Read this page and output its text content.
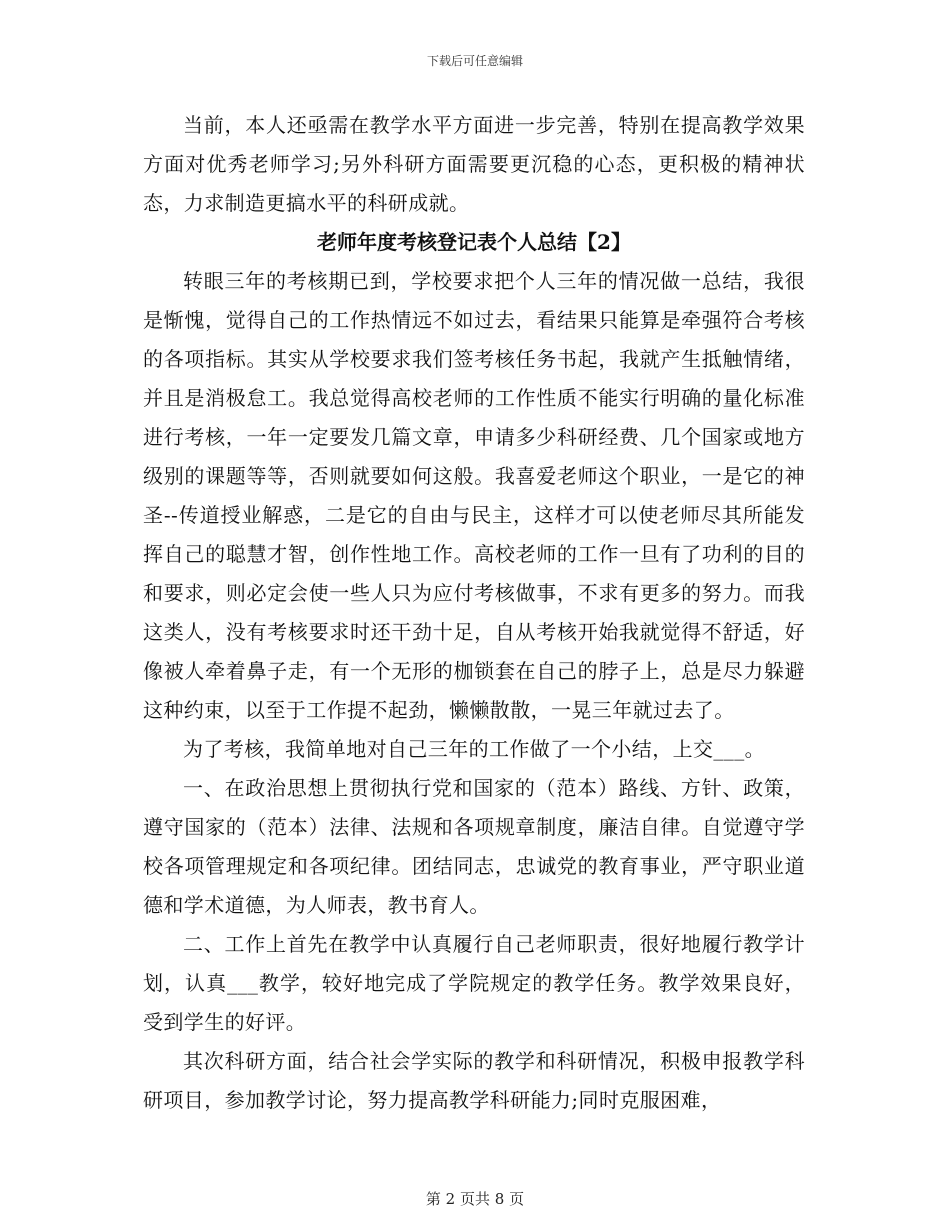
下载后可任意编辑

当前，本人还亟需在教学水平方面进一步完善，特别在提高教学效果方面对优秀老师学习;另外科研方面需要更沉稳的心态，更积极的精神状态，力求制造更搞水平的科研成就。

老师年度考核登记表个人总结【2】

转眼三年的考核期已到，学校要求把个人三年的情况做一总结，我很是惭愧，觉得自己的工作热情远不如过去，看结果只能算是牵强符合考核的各项指标。其实从学校要求我们签考核任务书起，我就产生抵触情绪，并且是消极怠工。我总觉得高校老师的工作性质不能实行明确的量化标准进行考核，一年一定要发几篇文章，申请多少科研经费、几个国家或地方级别的课题等等，否则就要如何这般。我喜爱老师这个职业，一是它的神圣--传道授业解惑，二是它的自由与民主，这样才可以使老师尽其所能发挥自己的聪慧才智，创作性地工作。高校老师的工作一旦有了功利的目的和要求，则必定会使一些人只为应付考核做事，不求有更多的努力。而我这类人，没有考核要求时还干劲十足，自从考核开始我就觉得不舒适，好像被人牵着鼻子走，有一个无形的枷锁套在自己的脖子上，总是尽力躲避这种约束，以至于工作提不起劲，懒懒散散，一晃三年就过去了。

为了考核，我简单地对自己三年的工作做了一个小结，上交___。

一、在政治思想上贯彻执行党和国家的（范本）路线、方针、政策，遵守国家的（范本）法律、法规和各项规章制度，廉洁自律。自觉遵守学校各项管理规定和各项纪律。团结同志，忠诚党的教育事业，严守职业道德和学术道德，为人师表，教书育人。

二、工作上首先在教学中认真履行自己老师职责，很好地履行教学计划，认真___教学，较好地完成了学院规定的教学任务。教学效果良好，受到学生的好评。

其次科研方面，结合社会学实际的教学和科研情况，积极申报教学科研项目，参加教学讨论，努力提高教学科研能力;同时克服困难，

第 2 页共 8 页
